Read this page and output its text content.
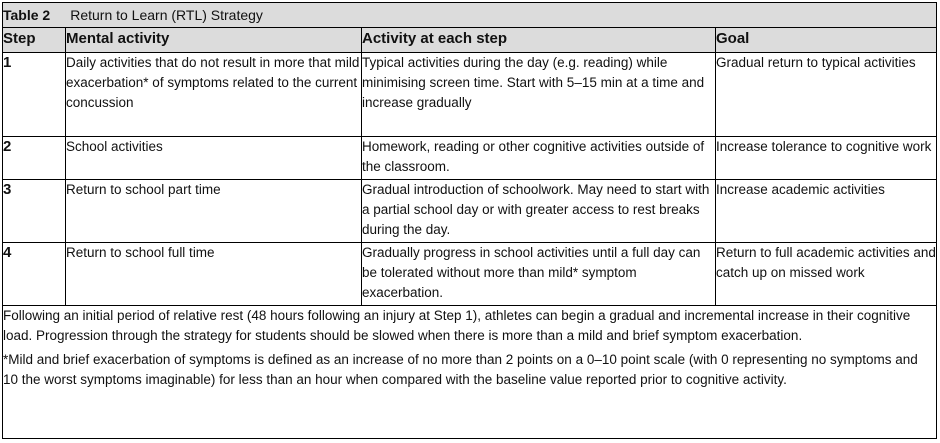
Table 2 Return to Learn (RTL) Strategy			
Step	Mental activity	Activity at each step	Goal
1	Daily activities that do not result in more that mild exacerbation* of symptoms related to the current concussion	Typical activities during the day (e.g. reading) while minimising screen time. Start with 5–15 min at a time and increase gradually	Gradual return to typical activities
2	School activities	Homework, reading or other cognitive activities outside of the classroom.	Increase tolerance to cognitive work
3	Return to school part time	Gradual introduction of schoolwork. May need to start with a partial school day or with greater access to rest breaks during the day.	Increase academic activities
4	Return to school full time	Gradually progress in school activities until a full day can be tolerated without more than mild* symptom exacerbation.	Return to full academic activities and catch up on missed work

Following an initial period of relative rest (48 hours following an injury at Step 1), athletes can begin a gradual and incremental increase in their cognitive load. Progression through the strategy for students should be slowed when there is more than a mild and brief symptom exacerbation.

*Mild and brief exacerbation of symptoms is defined as an increase of no more than 2 points on a 0–10 point scale (with 0 representing no symptoms and 10 the worst symptoms imaginable) for less than an hour when compared with the baseline value reported prior to cognitive activity.			
